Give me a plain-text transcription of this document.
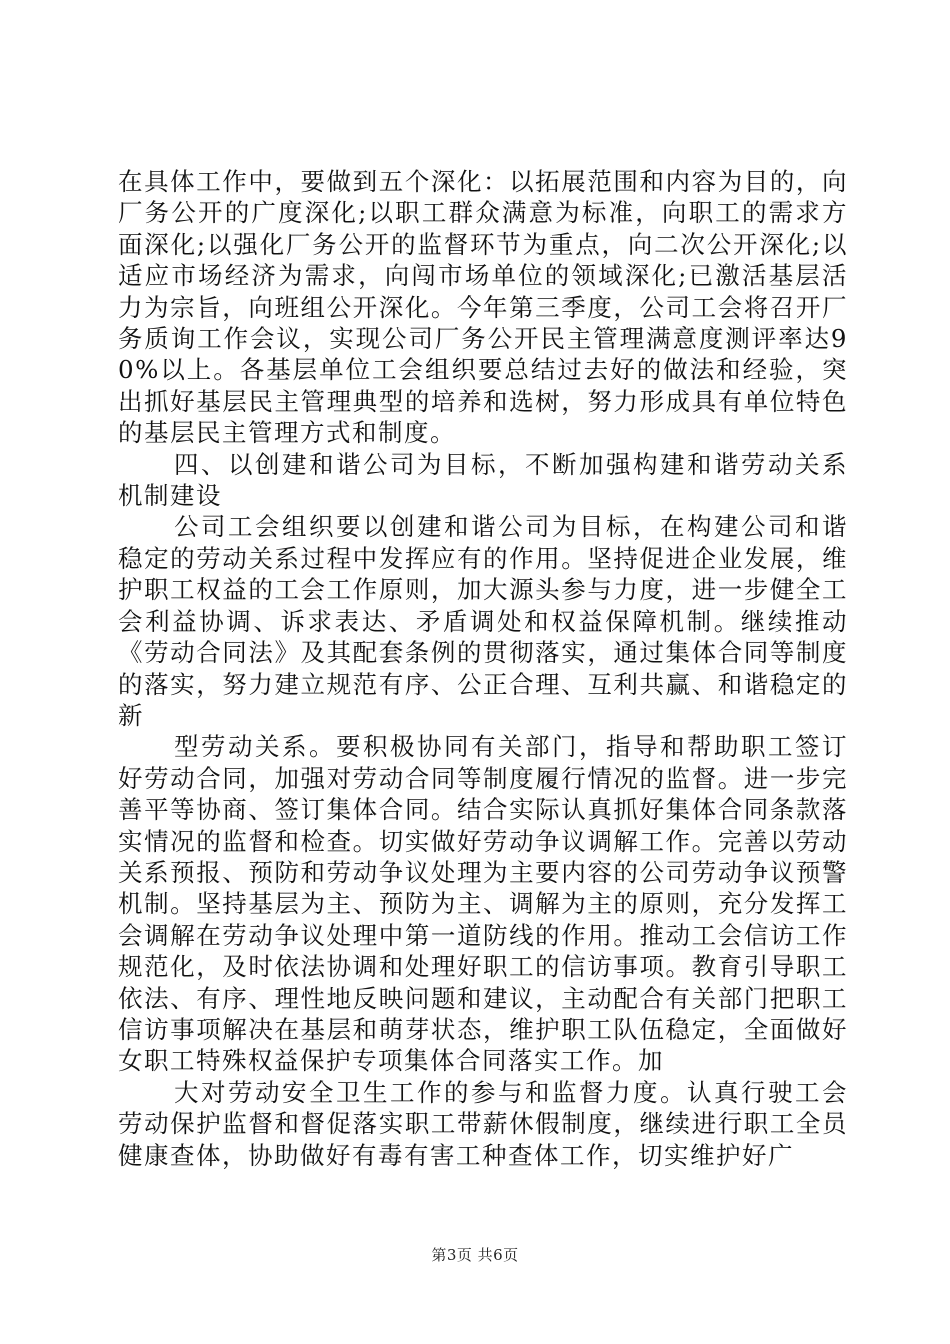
在具体工作中，要做到五个深化：以拓展范围和内容为目的，向厂务公开的广度深化;以职工群众满意为标准，向职工的需求方面深化;以强化厂务公开的监督环节为重点，向二次公开深化;以适应市场经济为需求，向闯市场单位的领域深化;已激活基层活力为宗旨，向班组公开深化。今年第三季度，公司工会将召开厂务质询工作会议，实现公司厂务公开民主管理满意度测评率达90%以上。各基层单位工会组织要总结过去好的做法和经验，突出抓好基层民主管理典型的培养和选树，努力形成具有单位特色的基层民主管理方式和制度。

四、以创建和谐公司为目标，不断加强构建和谐劳动关系机制建设

公司工会组织要以创建和谐公司为目标，在构建公司和谐稳定的劳动关系过程中发挥应有的作用。坚持促进企业发展，维护职工权益的工会工作原则，加大源头参与力度，进一步健全工会利益协调、诉求表达、矛盾调处和权益保障机制。继续推动《劳动合同法》及其配套条例的贯彻落实，通过集体合同等制度的落实，努力建立规范有序、公正合理、互利共赢、和谐稳定的新

型劳动关系。要积极协同有关部门，指导和帮助职工签订好劳动合同，加强对劳动合同等制度履行情况的监督。进一步完善平等协商、签订集体合同。结合实际认真抓好集体合同条款落实情况的监督和检查。切实做好劳动争议调解工作。完善以劳动关系预报、预防和劳动争议处理为主要内容的公司劳动争议预警机制。坚持基层为主、预防为主、调解为主的原则，充分发挥工会调解在劳动争议处理中第一道防线的作用。推动工会信访工作规范化，及时依法协调和处理好职工的信访事项。教育引导职工依法、有序、理性地反映问题和建议，主动配合有关部门把职工信访事项解决在基层和萌芽状态，维护职工队伍稳定，全面做好女职工特殊权益保护专项集体合同落实工作。加

大对劳动安全卫生工作的参与和监督力度。认真行驶工会劳动保护监督和督促落实职工带薪休假制度，继续进行职工全员健康查体，协助做好有毒有害工种查体工作，切实维护好广

第3页 共6页
